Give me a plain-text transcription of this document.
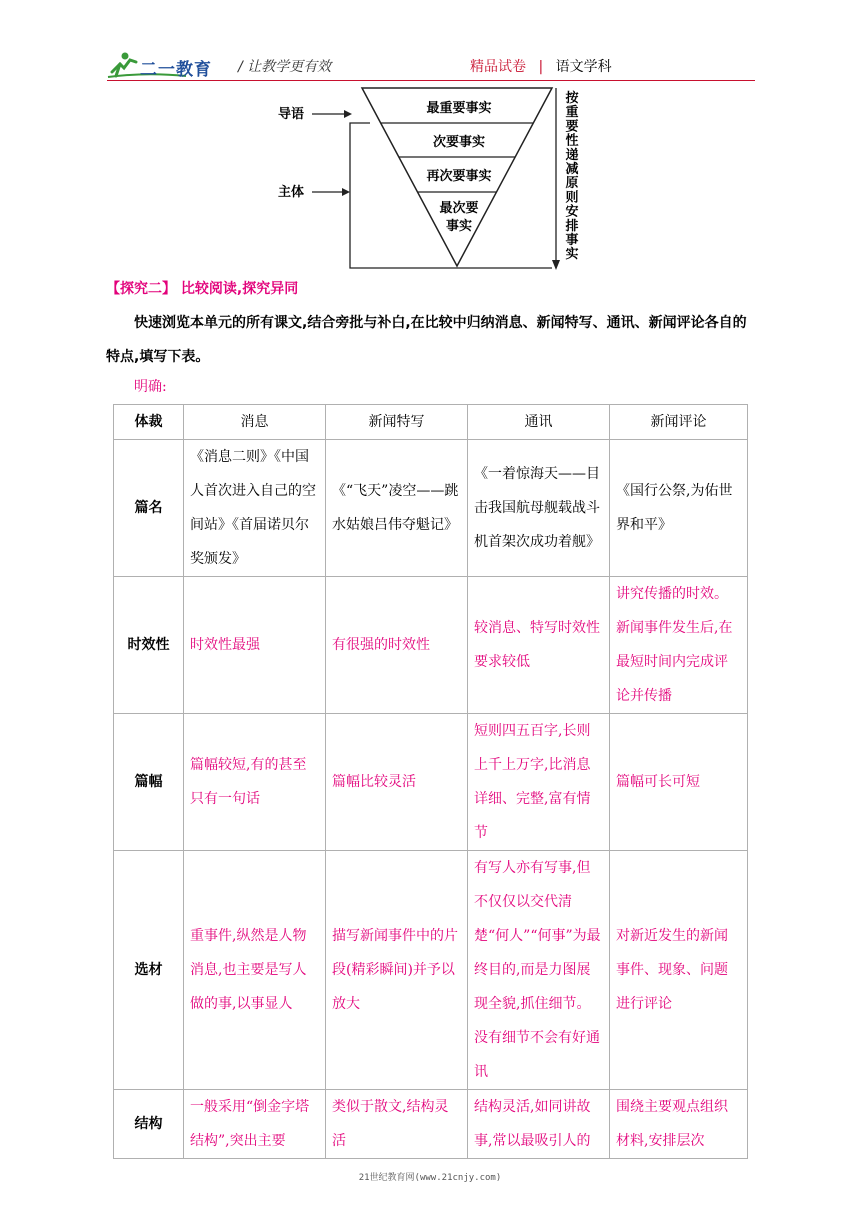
二一教育 / 让教学更有效	精品试卷 | 语文学科
最重要事实
次要事实
再次要事实
最次要
事实
导语
主体
按重要性递减原则安排事实
【探究二】 比较阅读,探究异同
快速浏览本单元的所有课文,结合旁批与补白,在比较中归纳消息、新闻特写、通讯、新闻评论各自的特点,填写下表。
明确:
体裁	消息	新闻特写	通讯	新闻评论
篇名	《消息二则》《中国人首次进入自己的空间站》《首届诺贝尔奖颁发》	《“飞天”凌空——跳水姑娘吕伟夺魁记》	《一着惊海天——目击我国航母舰载战斗机首架次成功着舰》	《国行公祭,为佑世界和平》
时效性	时效性最强	有很强的时效性	较消息、特写时效性要求较低	讲究传播的时效。新闻事件发生后,在最短时间内完成评论并传播
篇幅	篇幅较短,有的甚至只有一句话	篇幅比较灵活	短则四五百字,长则上千上万字,比消息详细、完整,富有情节	篇幅可长可短
选材	重事件,纵然是人物消息,也主要是写人做的事,以事显人	描写新闻事件中的片段(精彩瞬间)并予以放大	有写人亦有写事,但不仅仅以交代清楚“何人”“何事”为最终目的,而是力图展现全貌,抓住细节。没有细节不会有好通讯	对新近发生的新闻事件、现象、问题进行评论
结构	一般采用“倒金字塔结构”,突出主要	类似于散文,结构灵活	结构灵活,如同讲故事,常以最吸引人的	围绕主要观点组织材料,安排层次
21世纪教育网(www.21cnjy.com)
